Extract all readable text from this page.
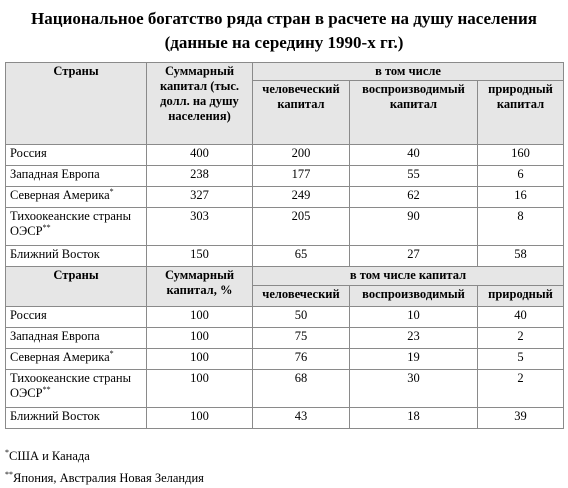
Национальное богатство ряда стран в расчете на душу населения
(данные на середину 1990-х гг.)
Страны	Суммарный капитал (тыс. долл. на душу населения)	в том числе		
		человеческий капитал	воспроизводимый капитал	природный капитал
Россия	400	200	40	160
Западная Европа	238	177	55	6
Северная Америка*	327	249	62	16
Тихоокеанские страны ОЭСР**	303	205	90	8
Ближний Восток	150	65	27	58
Страны	Суммарный капитал, %	в том числе капитал		
		человеческий	воспроизводимый	природный
Россия	100	50	10	40
Западная Европа	100	75	23	2
Северная Америка*	100	76	19	5
Тихоокеанские страны ОЭСР**	100	68	30	2
Ближний Восток	100	43	18	39
*США и Канада
**Япония, Австралия Новая Зеландия
